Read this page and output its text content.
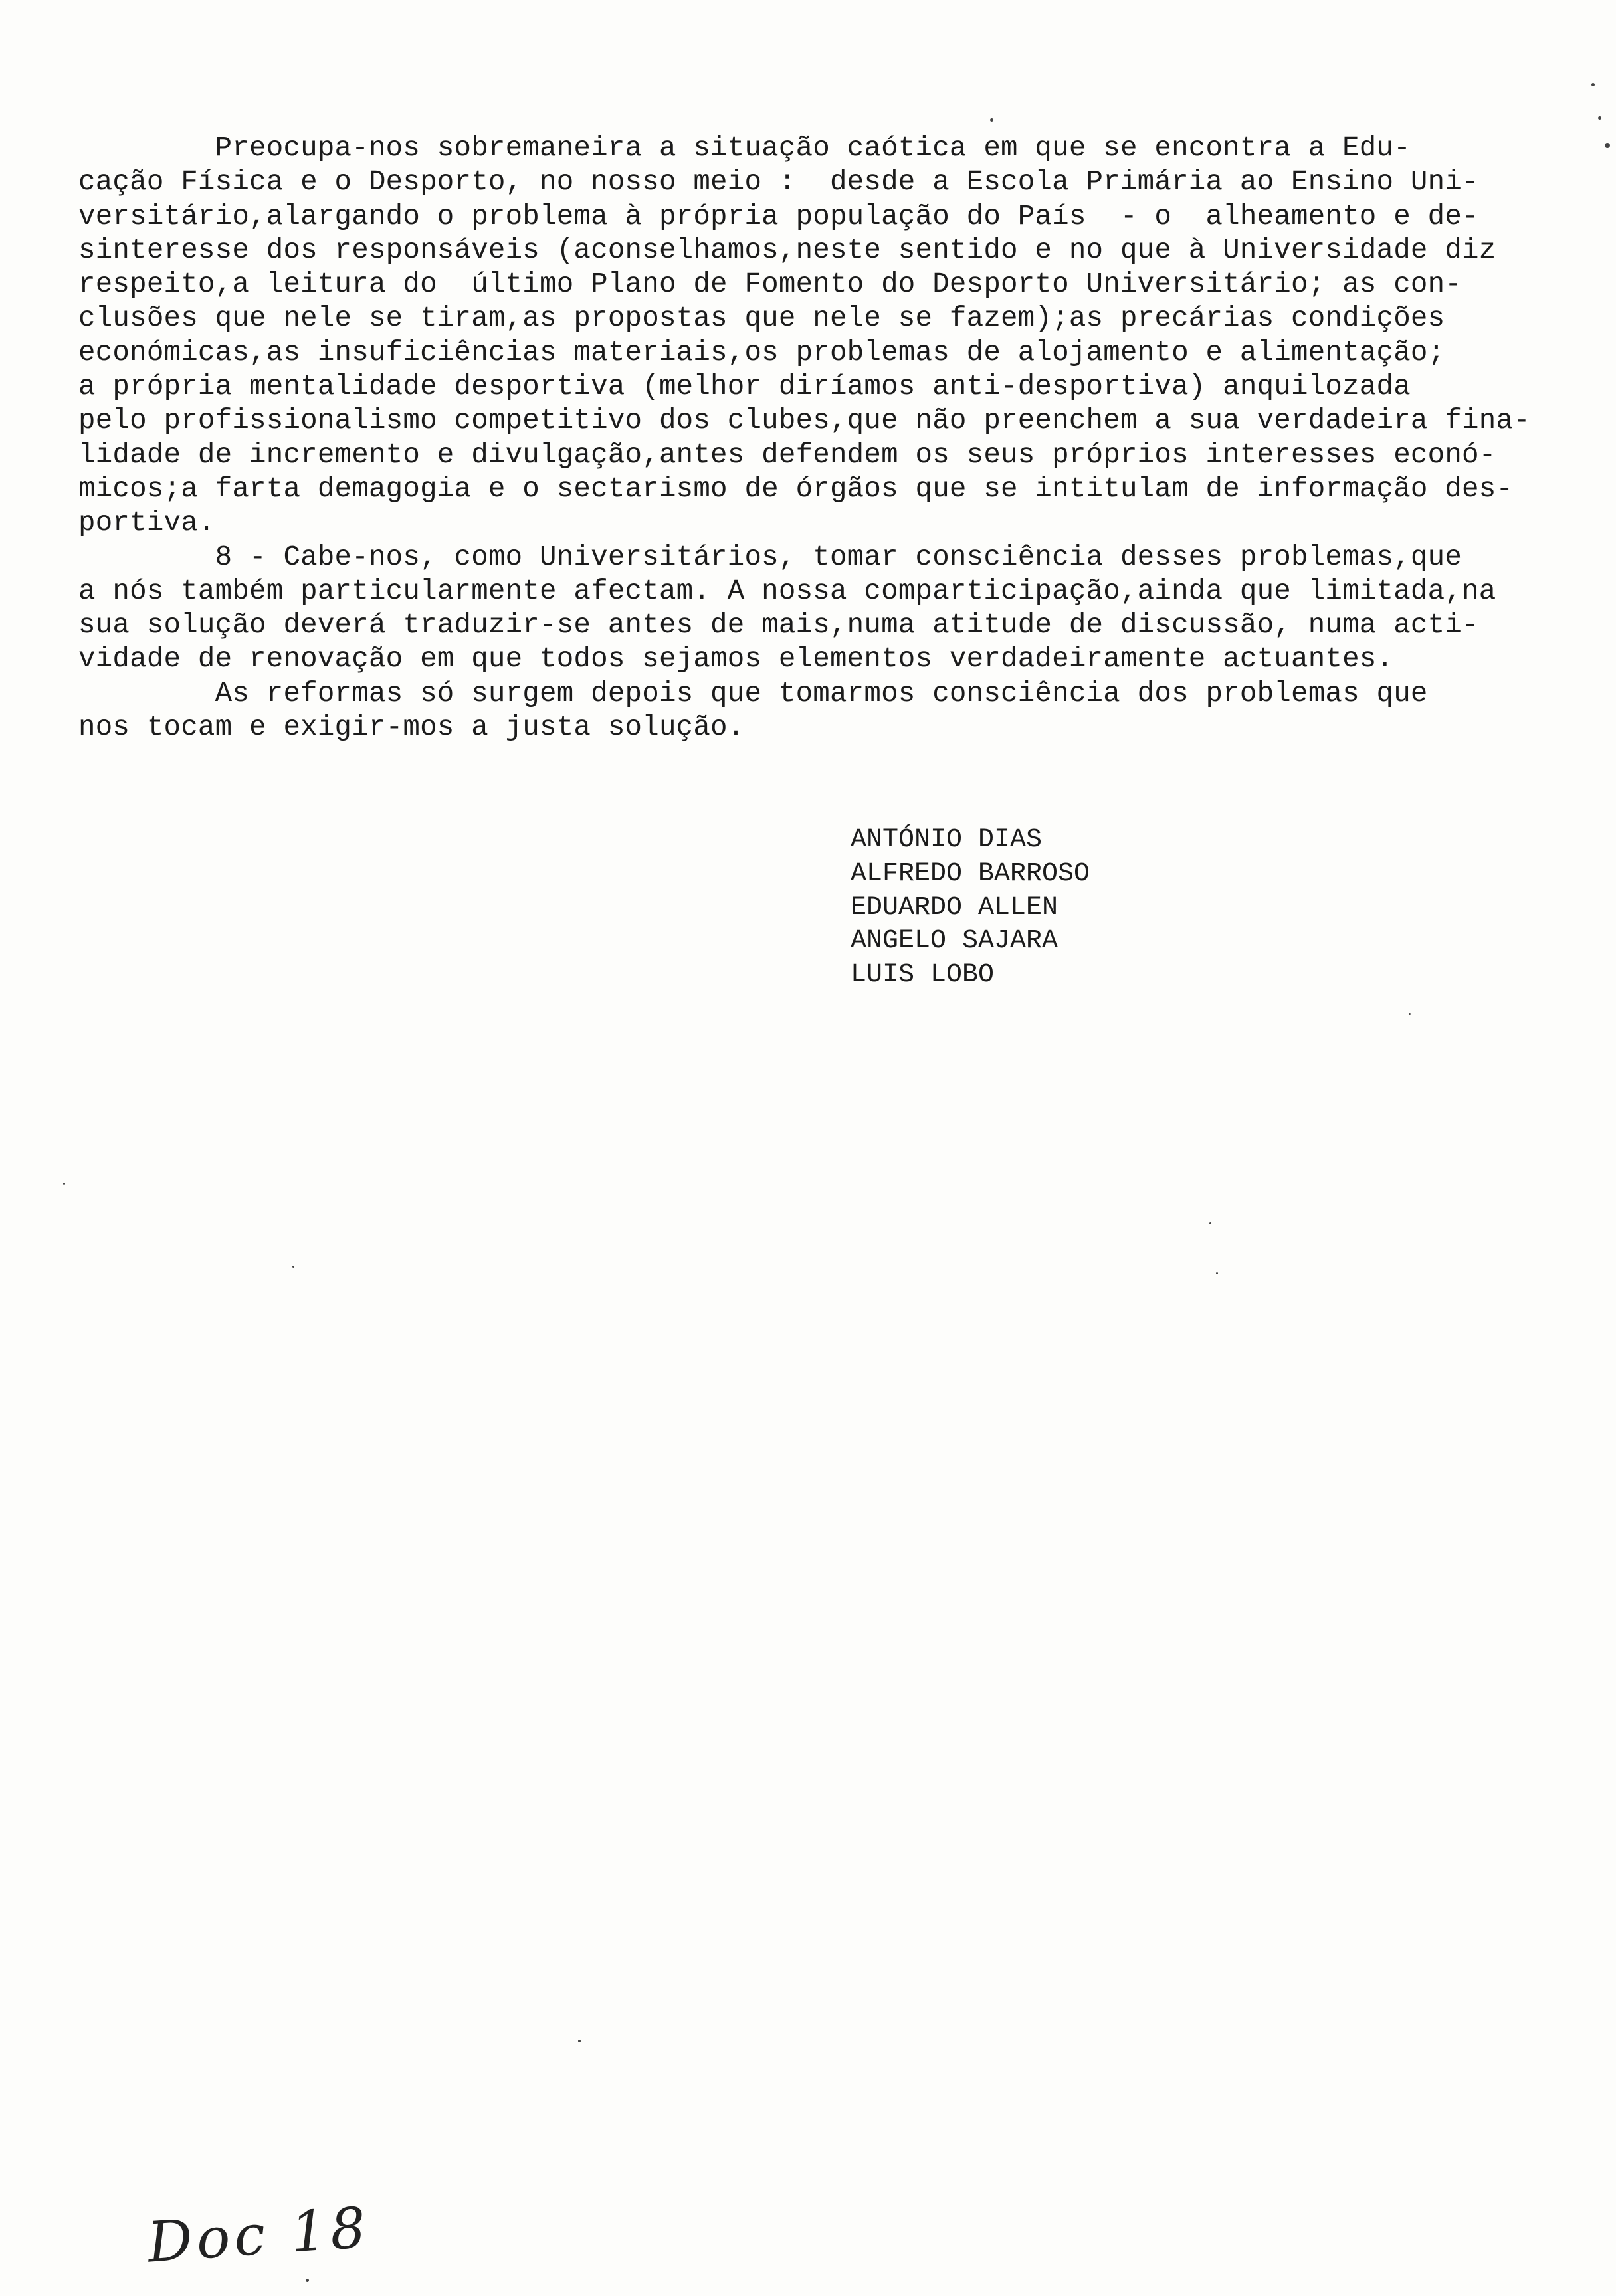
Preocupa-nos sobremaneira a situação caótica em que se encontra a Edu-
cação Física e o Desporto, no nosso meio :  desde a Escola Primária ao Ensino Uni-
versitário,alargando o problema à própria população do País  - o  alheamento e de-
sinteresse dos responsáveis (aconselhamos,neste sentido e no que à Universidade diz
respeito,a leitura do  último Plano de Fomento do Desporto Universitário; as con-
clusões que nele se tiram,as propostas que nele se fazem);as precárias condições
económicas,as insuficiências materiais,os problemas de alojamento e alimentação;
a própria mentalidade desportiva (melhor diríamos anti-desportiva) anquilozada
pelo profissionalismo competitivo dos clubes,que não preenchem a sua verdadeira fina-
lidade de incremento e divulgação,antes defendem os seus próprios interesses econó-
micos;a farta demagogia e o sectarismo de órgãos que se intitulam de informação des-
portiva.
8 - Cabe-nos, como Universitários, tomar consciência desses problemas,que
a nós também particularmente afectam. A nossa comparticipação,ainda que limitada,na
sua solução deverá traduzir-se antes de mais,numa atitude de discussão, numa acti-
vidade de renovação em que todos sejamos elementos verdadeiramente actuantes.
As reformas só surgem depois que tomarmos consciência dos problemas que
nos tocam e exigir-mos a justa solução.
ANTÓNIO DIAS
ALFREDO BARROSO
EDUARDO ALLEN
ANGELO SAJARA
LUIS LOBO
Doc 18
